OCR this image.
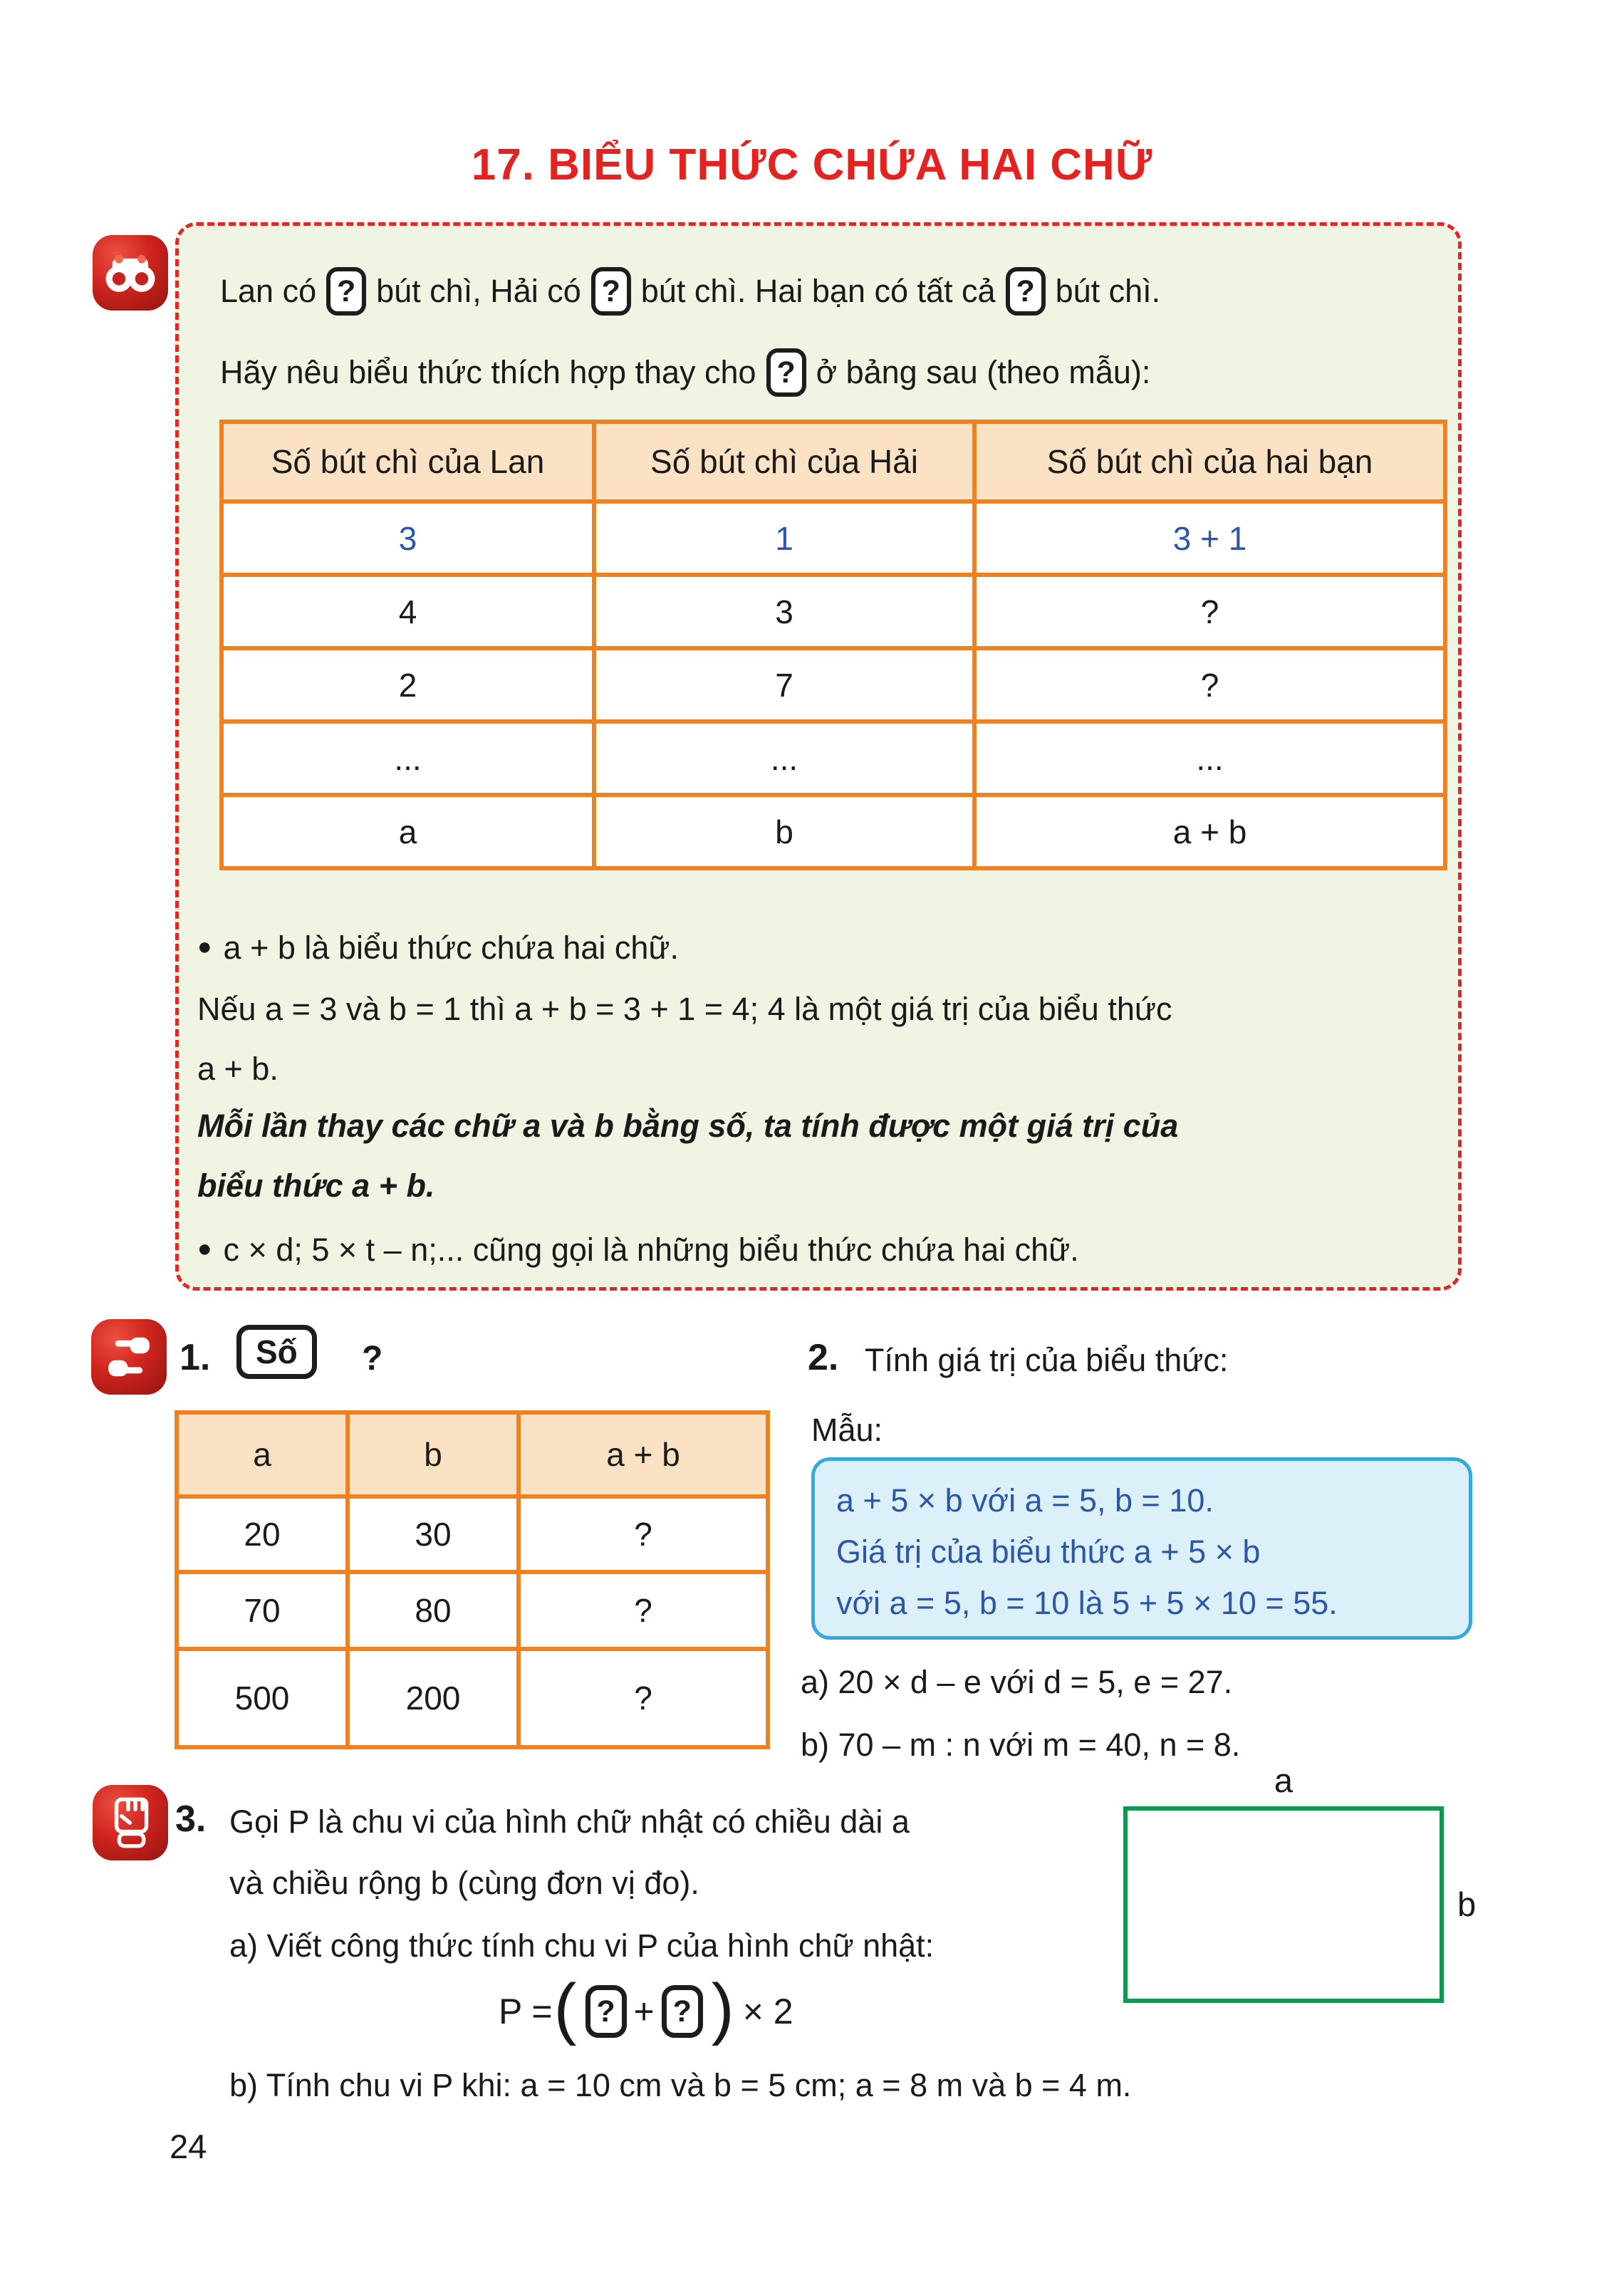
17. BIỂU THỨC CHỨA HAI CHỮ
Lan có ? bút chì, Hải có ? bút chì. Hai bạn có tất cả ? bút chì.
Hãy nêu biểu thức thích hợp thay cho ? ở bảng sau (theo mẫu):
Số bút chì của Lan	Số bút chì của Hải	Số bút chì của hai bạn
3	1	3 + 1
4	3	?
2	7	?
...	...	...
a	b	a + b
● a + b là biểu thức chứa hai chữ.
Nếu a = 3 và b = 1 thì a + b = 3 + 1 = 4; 4 là một giá trị của biểu thức
a + b.
Mỗi lần thay các chữ a và b bằng số, ta tính được một giá trị của
biểu thức a + b.
● c × d; 5 × t – n;... cũng gọi là những biểu thức chứa hai chữ.
1.	Số	?
a	b	a + b
20	30	?
70	80	?
500	200	?
2. Tính giá trị của biểu thức:
Mẫu:
a + 5 × b với a = 5, b = 10.
Giá trị của biểu thức a + 5 × b
với a = 5, b = 10 là 5 + 5 × 10 = 55.
a) 20 × d – e với d = 5, e = 27.
b) 70 – m : n với m = 40, n = 8.
3. Gọi P là chu vi của hình chữ nhật có chiều dài a
và chiều rộng b (cùng đơn vị đo).
a) Viết công thức tính chu vi P của hình chữ nhật:
P = ( ? + ? ) × 2
a
b
b) Tính chu vi P khi: a = 10 cm và b = 5 cm; a = 8 m và b = 4 m.
24
